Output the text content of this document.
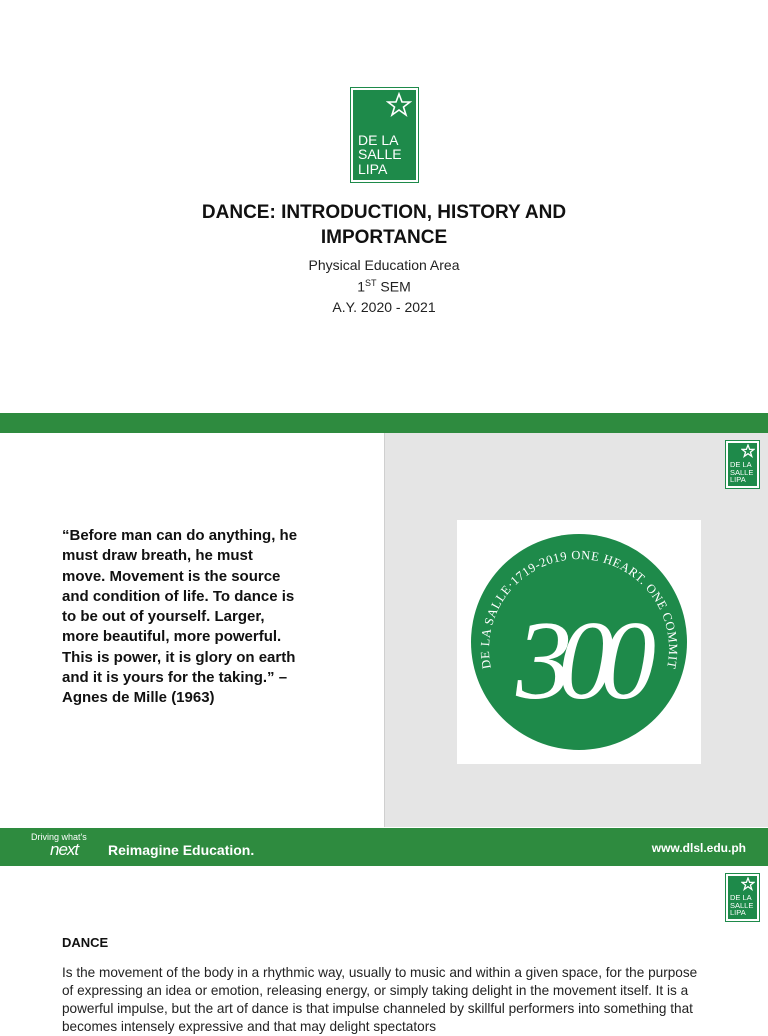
DE LA
SALLE
LIPA
DANCE: INTRODUCTION, HISTORY AND
IMPORTANCE
Physical Education Area
1ST SEM
A.Y. 2020 - 2021
DE LA
SALLE
LIPA
“Before man can do anything, he
must draw breath, he must
move. Movement is the source
and condition of life. To dance is
to be out of yourself. Larger,
more beautiful, more powerful.
This is power, it is glory on earth
and it is yours for the taking.” –
Agnes de Mille (1963)
DE LA SALLE·1719-2019 ONE HEART. ONE COMMIT
300
Driving what's
next Reimagine Education.	www.dlsl.edu.ph
DE LA
SALLE
LIPA
DANCE
Is the movement of the body in a rhythmic way, usually to music and within a given space, for the purpose of expressing an idea or emotion, releasing energy, or simply taking delight in the movement itself. It is a powerful impulse, but the art of dance is that impulse channeled by skillful performers into something that becomes intensely expressive and that may delight spectators
